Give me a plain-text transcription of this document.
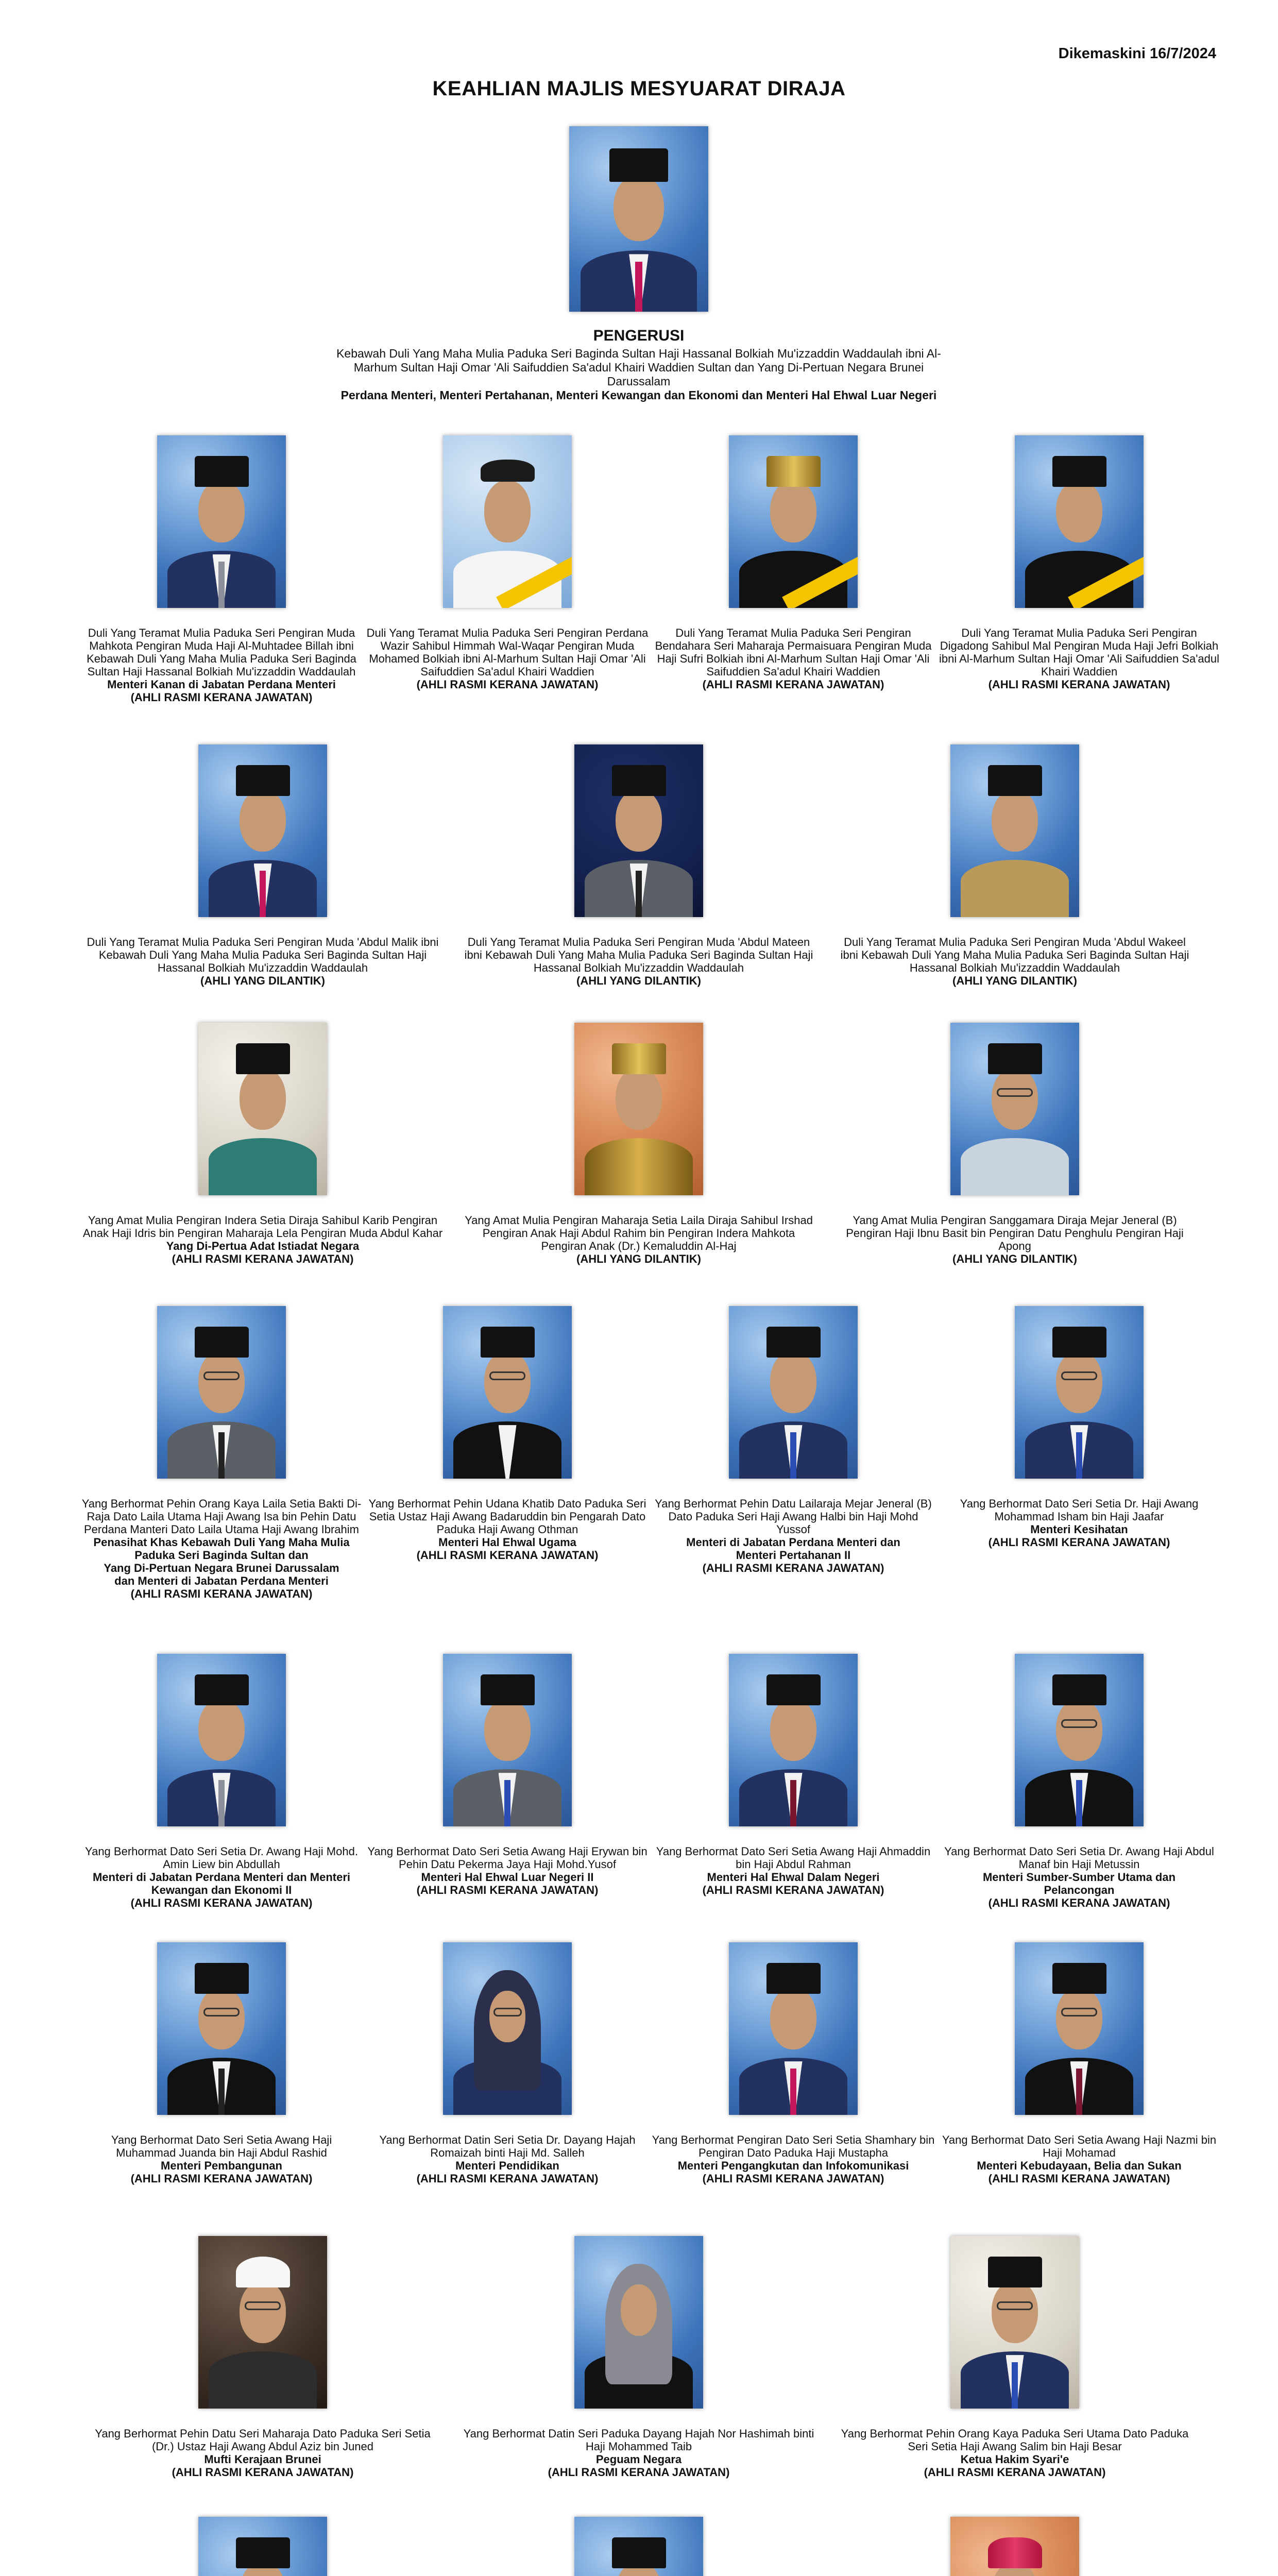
Dikemaskini 16/7/2024
KEAHLIAN MAJLIS MESYUARAT DIRAJA
PENGERUSI
Kebawah Duli Yang Maha Mulia Paduka Seri Baginda Sultan Haji Hassanal Bolkiah Mu'izzaddin Waddaulah ibni Al-Marhum Sultan Haji Omar 'Ali Saifuddien Sa'adul Khairi Waddien Sultan dan Yang Di-Pertuan Negara Brunei Darussalam
Perdana Menteri, Menteri Pertahanan, Menteri Kewangan dan Ekonomi dan Menteri Hal Ehwal Luar Negeri
Duli Yang Teramat Mulia Paduka Seri Pengiran Muda Mahkota Pengiran Muda Haji Al-Muhtadee Billah ibni Kebawah Duli Yang Maha Mulia Paduka Seri Baginda Sultan Haji Hassanal Bolkiah Mu'izzaddin Waddaulah
Menteri Kanan di Jabatan Perdana Menteri
(AHLI RASMI KERANA JAWATAN)
Duli Yang Teramat Mulia Paduka Seri Pengiran Perdana Wazir Sahibul Himmah Wal-Waqar Pengiran Muda Mohamed Bolkiah ibni Al-Marhum Sultan Haji Omar 'Ali Saifuddien Sa'adul Khairi Waddien
(AHLI RASMI KERANA JAWATAN)
Duli Yang Teramat Mulia Paduka Seri Pengiran Bendahara Seri Maharaja Permaisuara Pengiran Muda Haji Sufri Bolkiah ibni Al-Marhum Sultan Haji Omar 'Ali Saifuddien Sa'adul Khairi Waddien
(AHLI RASMI KERANA JAWATAN)
Duli Yang Teramat Mulia Paduka Seri Pengiran Digadong Sahibul Mal Pengiran Muda Haji Jefri Bolkiah ibni Al-Marhum Sultan Haji Omar 'Ali Saifuddien Sa'adul Khairi Waddien
(AHLI RASMI KERANA JAWATAN)
Duli Yang Teramat Mulia Paduka Seri Pengiran Muda 'Abdul Malik ibni Kebawah Duli Yang Maha Mulia Paduka Seri Baginda Sultan Haji Hassanal Bolkiah Mu'izzaddin Waddaulah
(AHLI YANG DILANTIK)
Duli Yang Teramat Mulia Paduka Seri Pengiran Muda 'Abdul Mateen ibni Kebawah Duli Yang Maha Mulia Paduka Seri Baginda Sultan Haji Hassanal Bolkiah Mu'izzaddin Waddaulah
(AHLI YANG DILANTIK)
Duli Yang Teramat Mulia Paduka Seri Pengiran Muda 'Abdul Wakeel ibni Kebawah Duli Yang Maha Mulia Paduka Seri Baginda Sultan Haji Hassanal Bolkiah Mu'izzaddin Waddaulah
(AHLI YANG DILANTIK)
Yang Amat Mulia Pengiran Indera Setia Diraja Sahibul Karib Pengiran Anak Haji Idris bin Pengiran Maharaja Lela Pengiran Muda Abdul Kahar
Yang Di-Pertua Adat Istiadat Negara
(AHLI RASMI KERANA JAWATAN)
Yang Amat Mulia Pengiran Maharaja Setia Laila Diraja Sahibul Irshad Pengiran Anak Haji Abdul Rahim bin Pengiran Indera Mahkota Pengiran Anak (Dr.) Kemaluddin Al-Haj
(AHLI YANG DILANTIK)
Yang Amat Mulia Pengiran Sanggamara Diraja Mejar Jeneral (B) Pengiran Haji Ibnu Basit bin Pengiran Datu Penghulu Pengiran Haji Apong
(AHLI YANG DILANTIK)
Yang Berhormat Pehin Orang Kaya Laila Setia Bakti Di-Raja Dato Laila Utama Haji Awang Isa bin Pehin Datu Perdana Manteri Dato Laila Utama Haji Awang Ibrahim
Penasihat Khas Kebawah Duli Yang Maha Mulia Paduka Seri Baginda Sultan dan
Yang Di-Pertuan Negara Brunei Darussalam
dan Menteri di Jabatan Perdana Menteri
(AHLI RASMI KERANA JAWATAN)
Yang Berhormat Pehin Udana Khatib Dato Paduka Seri Setia Ustaz Haji Awang Badaruddin bin Pengarah Dato Paduka Haji Awang Othman
Menteri Hal Ehwal Ugama
(AHLI RASMI KERANA JAWATAN)
Yang Berhormat Pehin Datu Lailaraja Mejar Jeneral (B) Dato Paduka Seri Haji Awang Halbi bin Haji Mohd Yussof
Menteri di Jabatan Perdana Menteri dan
Menteri Pertahanan II
(AHLI RASMI KERANA JAWATAN)
Yang Berhormat Dato Seri Setia Dr. Haji Awang Mohammad Isham bin Haji Jaafar
Menteri Kesihatan
(AHLI RASMI KERANA JAWATAN)
Yang Berhormat Dato Seri Setia Dr. Awang Haji Mohd. Amin Liew bin Abdullah
Menteri di Jabatan Perdana Menteri dan Menteri
Kewangan dan Ekonomi II
(AHLI RASMI KERANA JAWATAN)
Yang Berhormat Dato Seri Setia Awang Haji Erywan bin Pehin Datu Pekerma Jaya Haji Mohd.Yusof
Menteri Hal Ehwal Luar Negeri II
(AHLI RASMI KERANA JAWATAN)
Yang Berhormat Dato Seri Setia Awang Haji Ahmaddin bin Haji Abdul Rahman
Menteri Hal Ehwal Dalam Negeri
(AHLI RASMI KERANA JAWATAN)
Yang Berhormat Dato Seri Setia Dr. Awang Haji Abdul Manaf bin Haji Metussin
Menteri Sumber-Sumber Utama dan
Pelancongan
(AHLI RASMI KERANA JAWATAN)
Yang Berhormat Dato Seri Setia Awang Haji Muhammad Juanda bin Haji Abdul Rashid
Menteri Pembangunan
(AHLI RASMI KERANA JAWATAN)
Yang Berhormat Datin Seri Setia Dr. Dayang Hajah Romaizah binti Haji Md. Salleh
Menteri Pendidikan
(AHLI RASMI KERANA JAWATAN)
Yang Berhormat Pengiran Dato Seri Setia Shamhary bin Pengiran Dato Paduka Haji Mustapha
Menteri Pengangkutan dan Infokomunikasi
(AHLI RASMI KERANA JAWATAN)
Yang Berhormat Dato Seri Setia Awang Haji Nazmi bin Haji Mohamad
Menteri Kebudayaan, Belia dan Sukan
(AHLI RASMI KERANA JAWATAN)
Yang Berhormat Pehin Datu Seri Maharaja Dato Paduka Seri Setia (Dr.) Ustaz Haji Awang Abdul Aziz bin Juned
Mufti Kerajaan Brunei
(AHLI RASMI KERANA JAWATAN)
Yang Berhormat Datin Seri Paduka Dayang Hajah Nor Hashimah binti Haji Mohammed Taib
Peguam Negara
(AHLI RASMI KERANA JAWATAN)
Yang Berhormat Pehin Orang Kaya Paduka Seri Utama Dato Paduka Seri Setia Haji Awang Salim bin Haji Besar
Ketua Hakim Syari'e
(AHLI RASMI KERANA JAWATAN)
